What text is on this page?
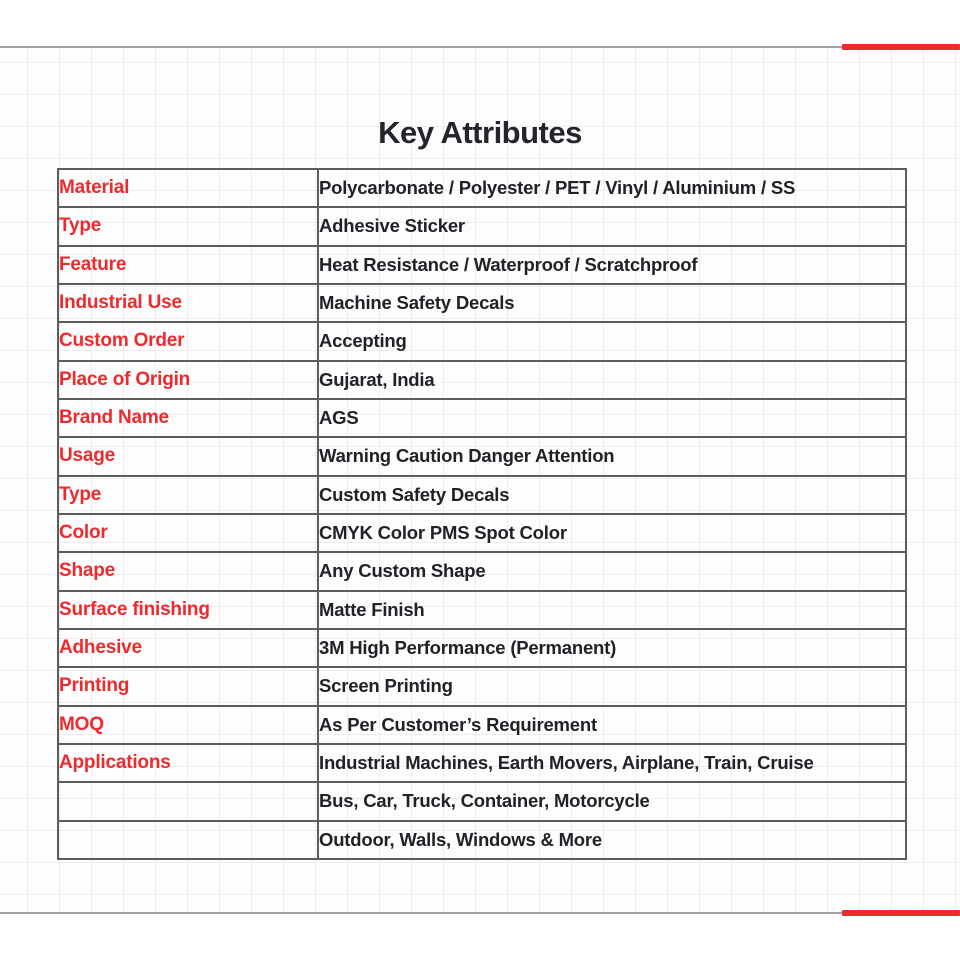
Key Attributes
Material	Polycarbonate / Polyester / PET / Vinyl / Aluminium / SS
Type	Adhesive Sticker
Feature	Heat Resistance / Waterproof / Scratchproof
Industrial Use	Machine Safety Decals
Custom Order	Accepting
Place of Origin	Gujarat, India
Brand Name	AGS
Usage	Warning Caution Danger Attention
Type	Custom Safety Decals
Color	CMYK Color PMS Spot Color
Shape	Any Custom Shape
Surface finishing	Matte Finish
Adhesive	3M High Performance (Permanent)
Printing	Screen Printing
MOQ	As Per Customer’s Requirement
Applications	Industrial Machines, Earth Movers, Airplane, Train, Cruise
	Bus, Car, Truck, Container, Motorcycle
	Outdoor, Walls, Windows & More
